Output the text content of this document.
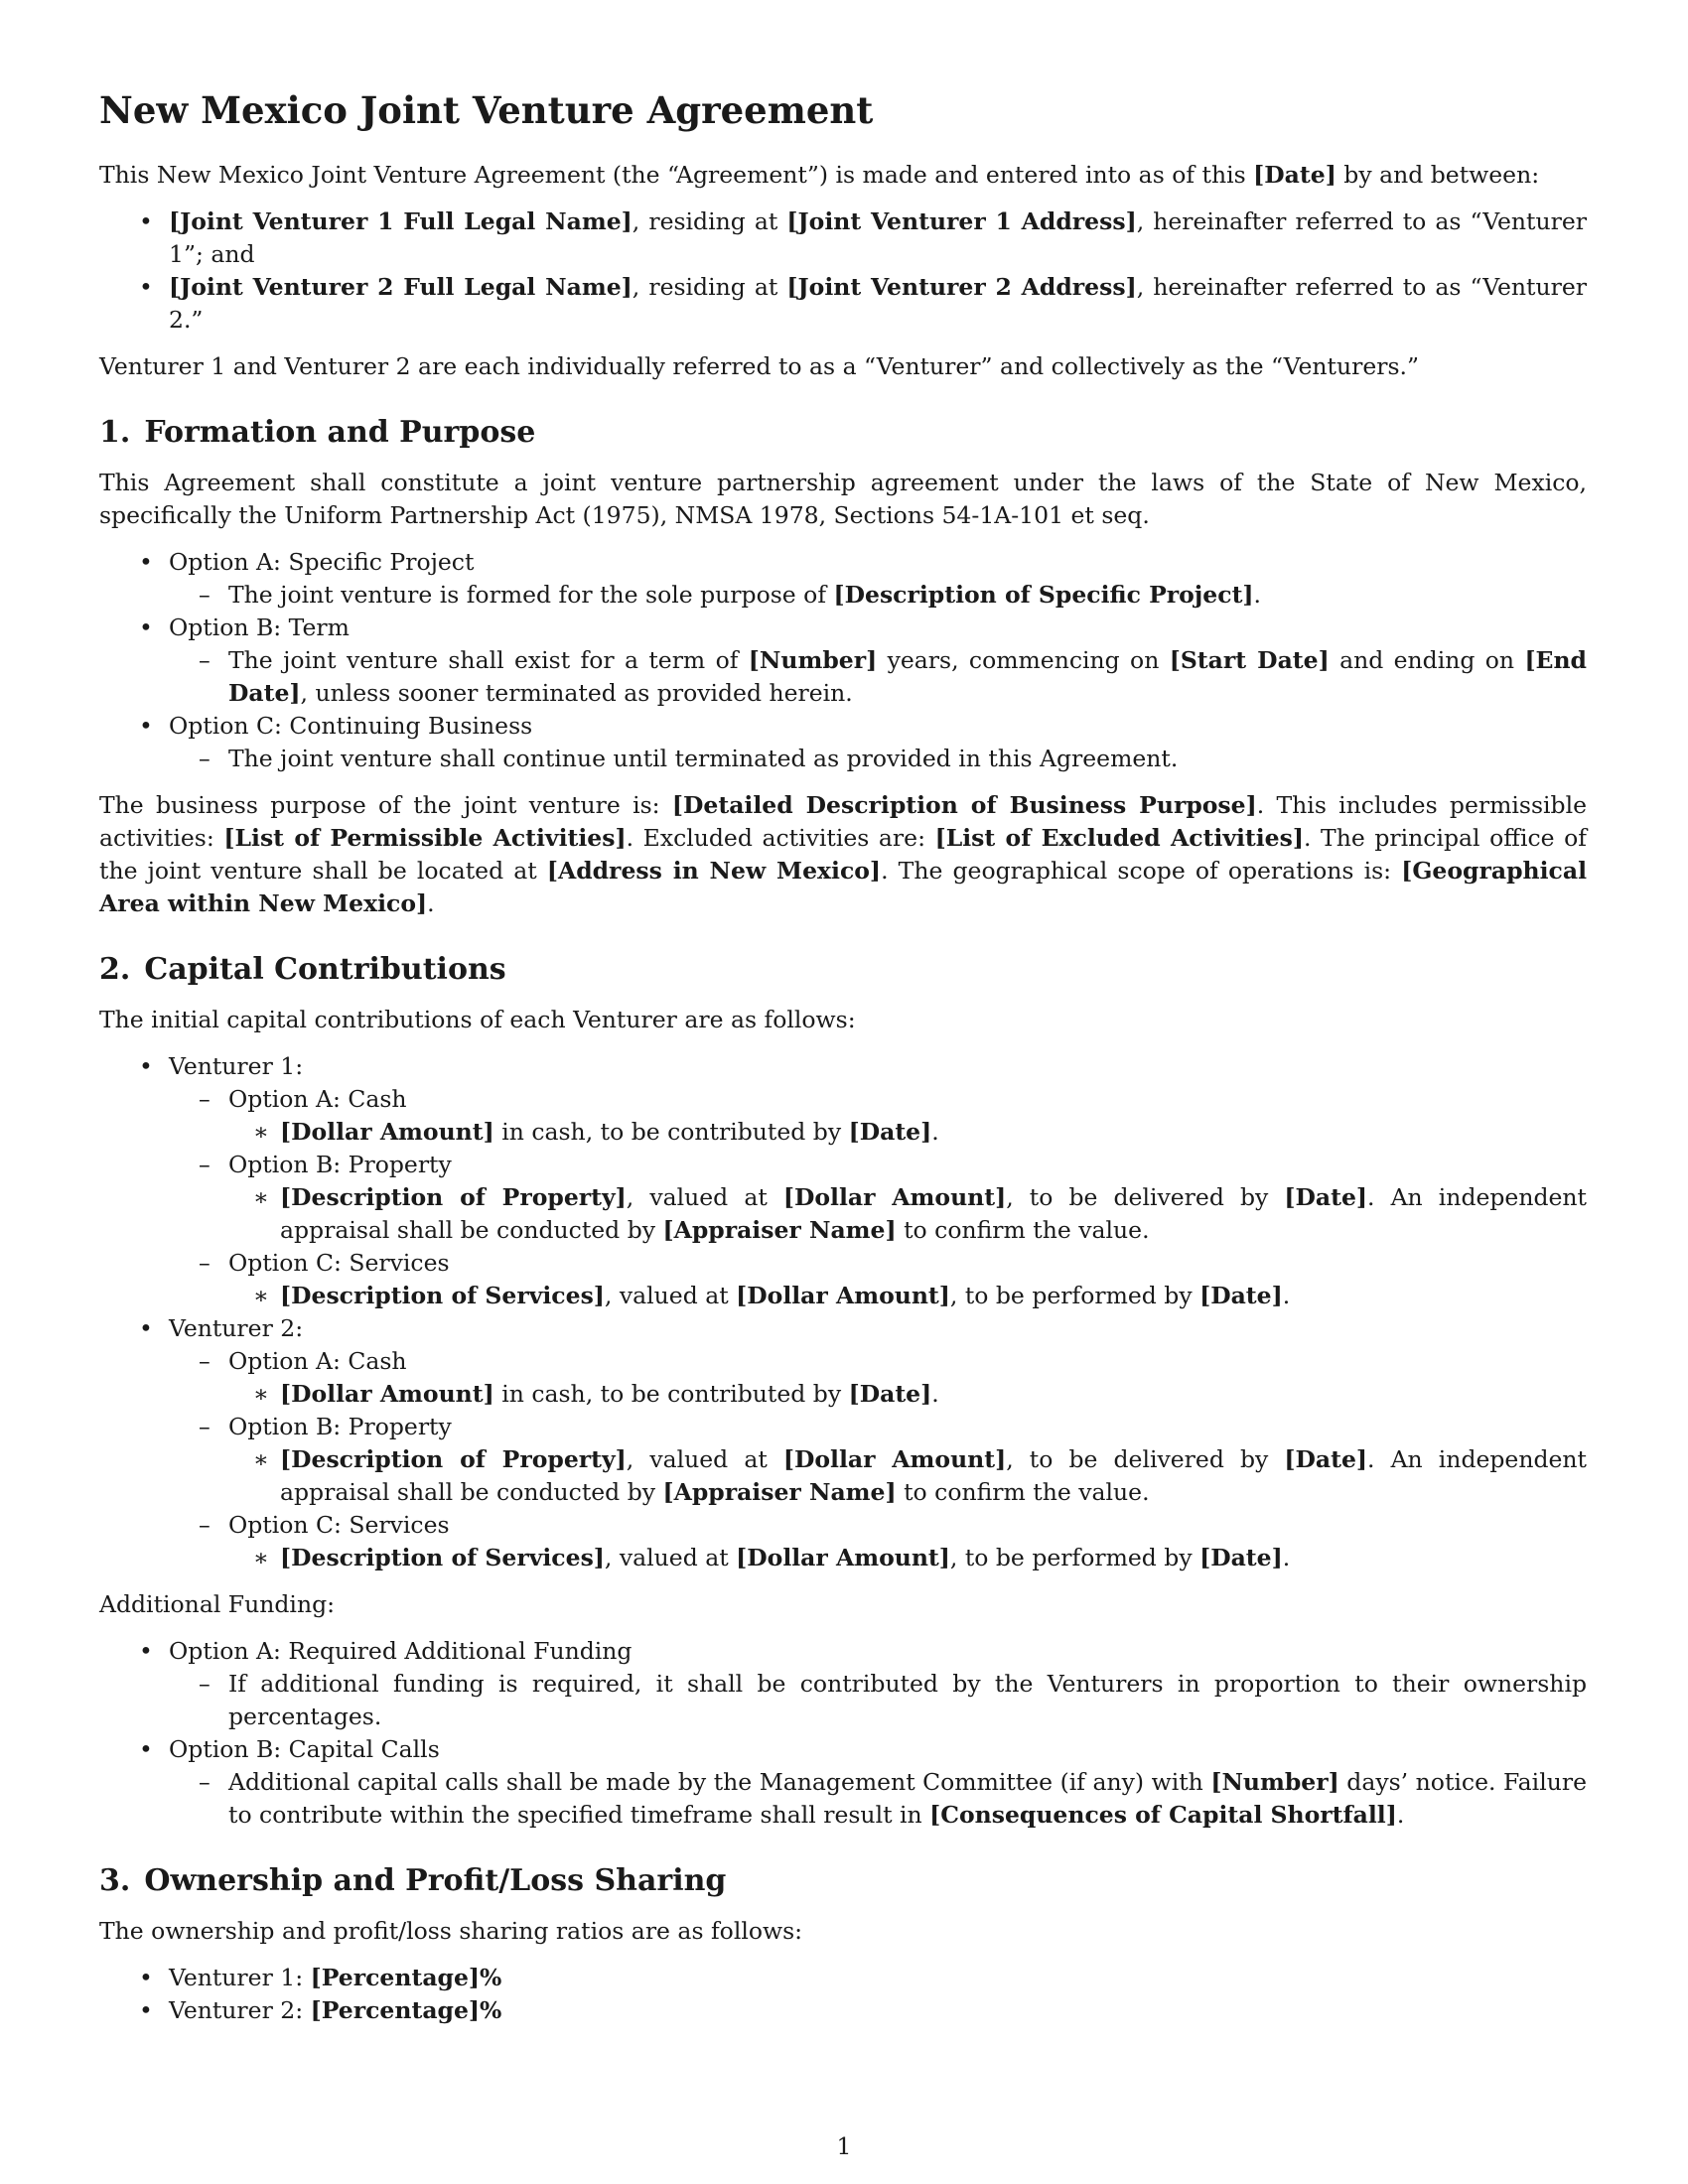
New Mexico Joint Venture Agreement

This New Mexico Joint Venture Agreement (the “Agreement”) is made and entered into as of this [Date] by and between:

• [Joint Venturer 1 Full Legal Name], residing at [Joint Venturer 1 Address], hereinafter referred to as “Venturer 1”; and
• [Joint Venturer 2 Full Legal Name], residing at [Joint Venturer 2 Address], hereinafter referred to as “Venturer 2.”

Venturer 1 and Venturer 2 are each individually referred to as a “Venturer” and collectively as the “Venturers.”

1. Formation and Purpose

This Agreement shall constitute a joint venture partnership agreement under the laws of the State of New Mexico, specifically the Uniform Partnership Act (1975), NMSA 1978, Sections 54-1A-101 et seq.

• Option A: Specific Project
– The joint venture is formed for the sole purpose of [Description of Specific Project].
• Option B: Term
– The joint venture shall exist for a term of [Number] years, commencing on [Start Date] and ending on [End Date], unless sooner terminated as provided herein.
• Option C: Continuing Business
– The joint venture shall continue until terminated as provided in this Agreement.

The business purpose of the joint venture is: [Detailed Description of Business Purpose]. This includes permissible activities: [List of Permissible Activities]. Excluded activities are: [List of Excluded Activities]. The principal office of the joint venture shall be located at [Address in New Mexico]. The geographical scope of operations is: [Geographical Area within New Mexico].

2. Capital Contributions

The initial capital contributions of each Venturer are as follows:

• Venturer 1:
– Option A: Cash
∗ [Dollar Amount] in cash, to be contributed by [Date].
– Option B: Property
∗ [Description of Property], valued at [Dollar Amount], to be delivered by [Date]. An independent appraisal shall be conducted by [Appraiser Name] to confirm the value.
– Option C: Services
∗ [Description of Services], valued at [Dollar Amount], to be performed by [Date].
• Venturer 2:
– Option A: Cash
∗ [Dollar Amount] in cash, to be contributed by [Date].
– Option B: Property
∗ [Description of Property], valued at [Dollar Amount], to be delivered by [Date]. An independent appraisal shall be conducted by [Appraiser Name] to confirm the value.
– Option C: Services
∗ [Description of Services], valued at [Dollar Amount], to be performed by [Date].

Additional Funding:

• Option A: Required Additional Funding
– If additional funding is required, it shall be contributed by the Venturers in proportion to their ownership percentages.
• Option B: Capital Calls
– Additional capital calls shall be made by the Management Committee (if any) with [Number] days’ notice. Failure to contribute within the specified timeframe shall result in [Consequences of Capital Shortfall].
3. Ownership and Profit/Loss Sharing

The ownership and profit/loss sharing ratios are as follows:

• Venturer 1: [Percentage]%
• Venturer 2: [Percentage]%
1
